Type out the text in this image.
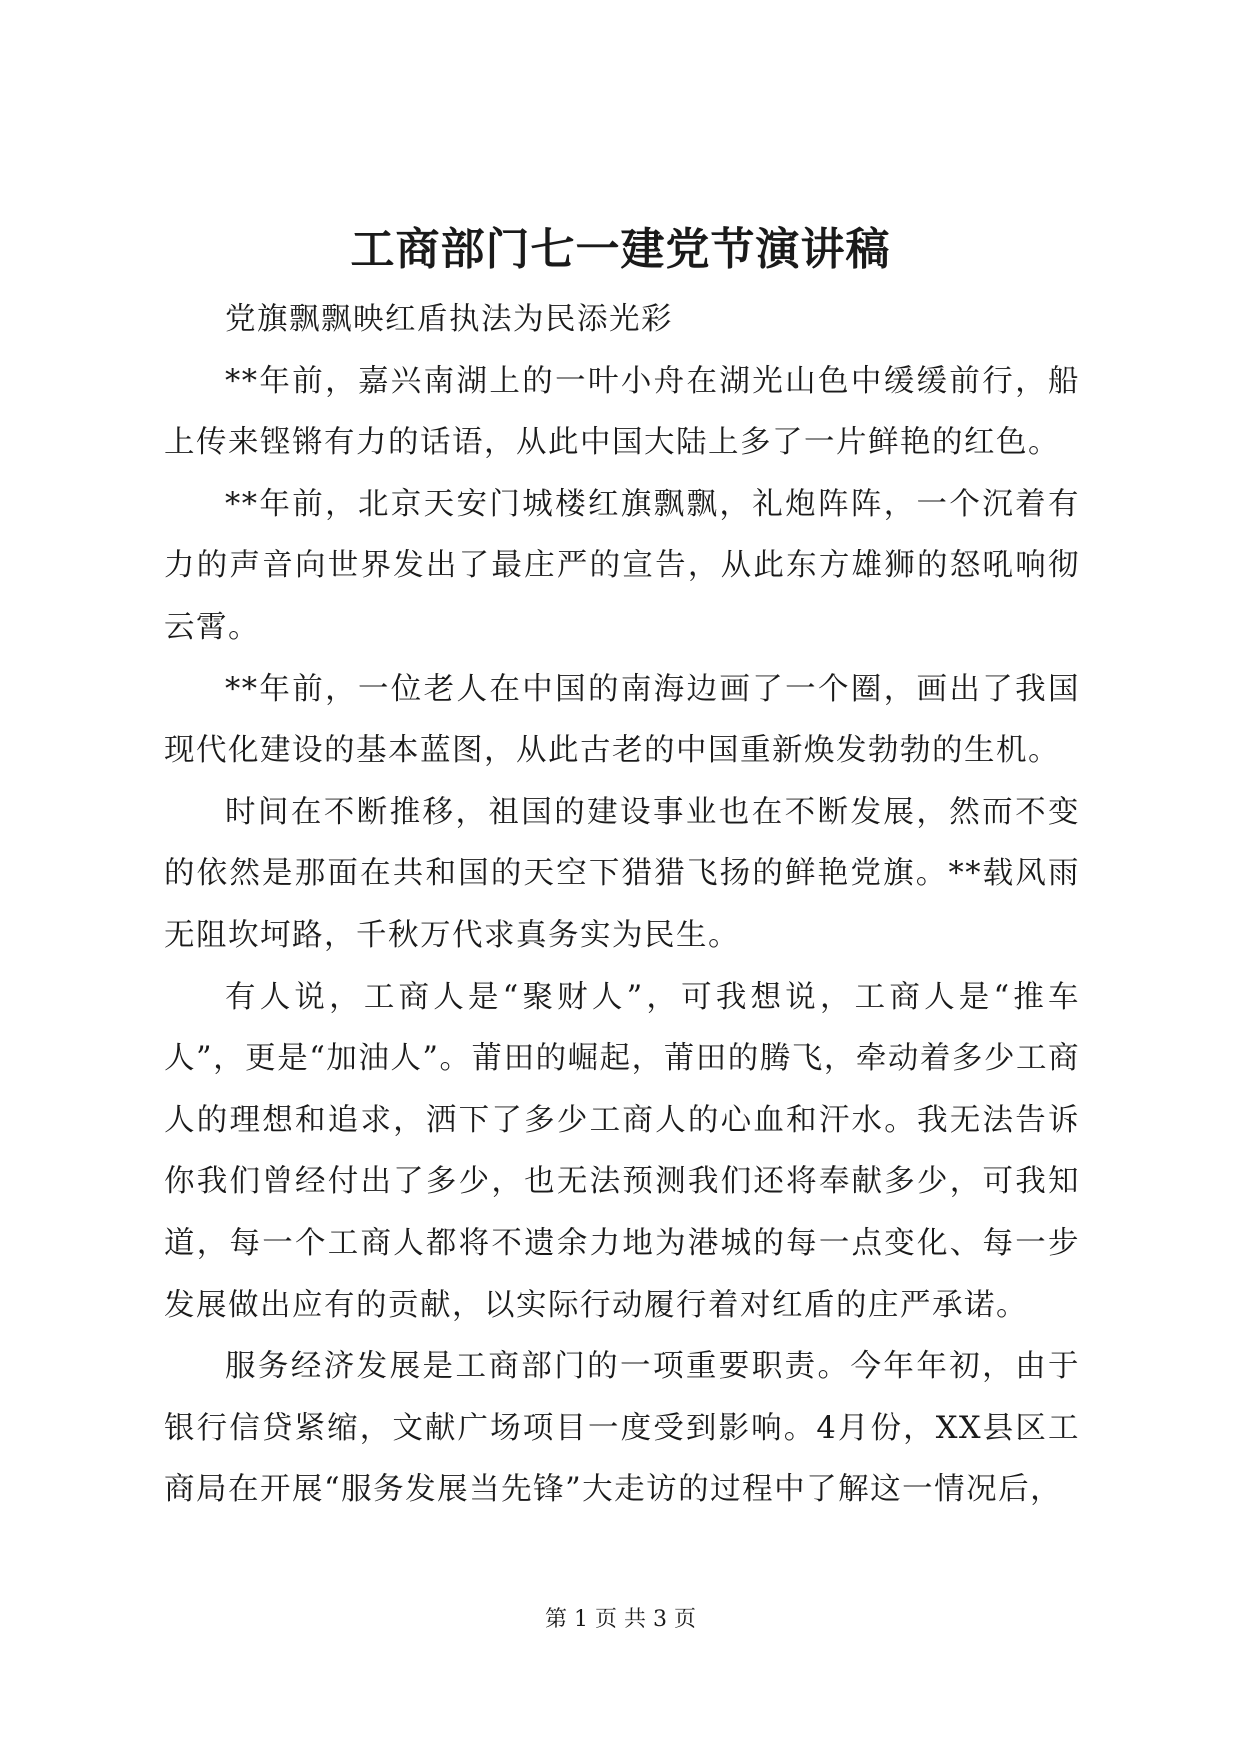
工商部门七一建党节演讲稿

党旗飘飘映红盾执法为民添光彩

**年前，嘉兴南湖上的一叶小舟在湖光山色中缓缓前行，船上传来铿锵有力的话语，从此中国大陆上多了一片鲜艳的红色。

**年前，北京天安门城楼红旗飘飘，礼炮阵阵，一个沉着有力的声音向世界发出了最庄严的宣告，从此东方雄狮的怒吼响彻云霄。

**年前，一位老人在中国的南海边画了一个圈，画出了我国现代化建设的基本蓝图，从此古老的中国重新焕发勃勃的生机。

时间在不断推移，祖国的建设事业也在不断发展，然而不变的依然是那面在共和国的天空下猎猎飞扬的鲜艳党旗。**载风雨无阻坎坷路，千秋万代求真务实为民生。

有人说，工商人是“聚财人”，可我想说，工商人是“推车人”，更是“加油人”。莆田的崛起，莆田的腾飞，牵动着多少工商人的理想和追求，洒下了多少工商人的心血和汗水。我无法告诉你我们曾经付出了多少，也无法预测我们还将奉献多少，可我知道，每一个工商人都将不遗余力地为港城的每一点变化、每一步发展做出应有的贡献，以实际行动履行着对红盾的庄严承诺。

服务经济发展是工商部门的一项重要职责。今年年初，由于银行信贷紧缩，文献广场项目一度受到影响。4月份，XX县区工商局在开展“服务发展当先锋”大走访的过程中了解这一情况后，

第 1 页 共 3 页
